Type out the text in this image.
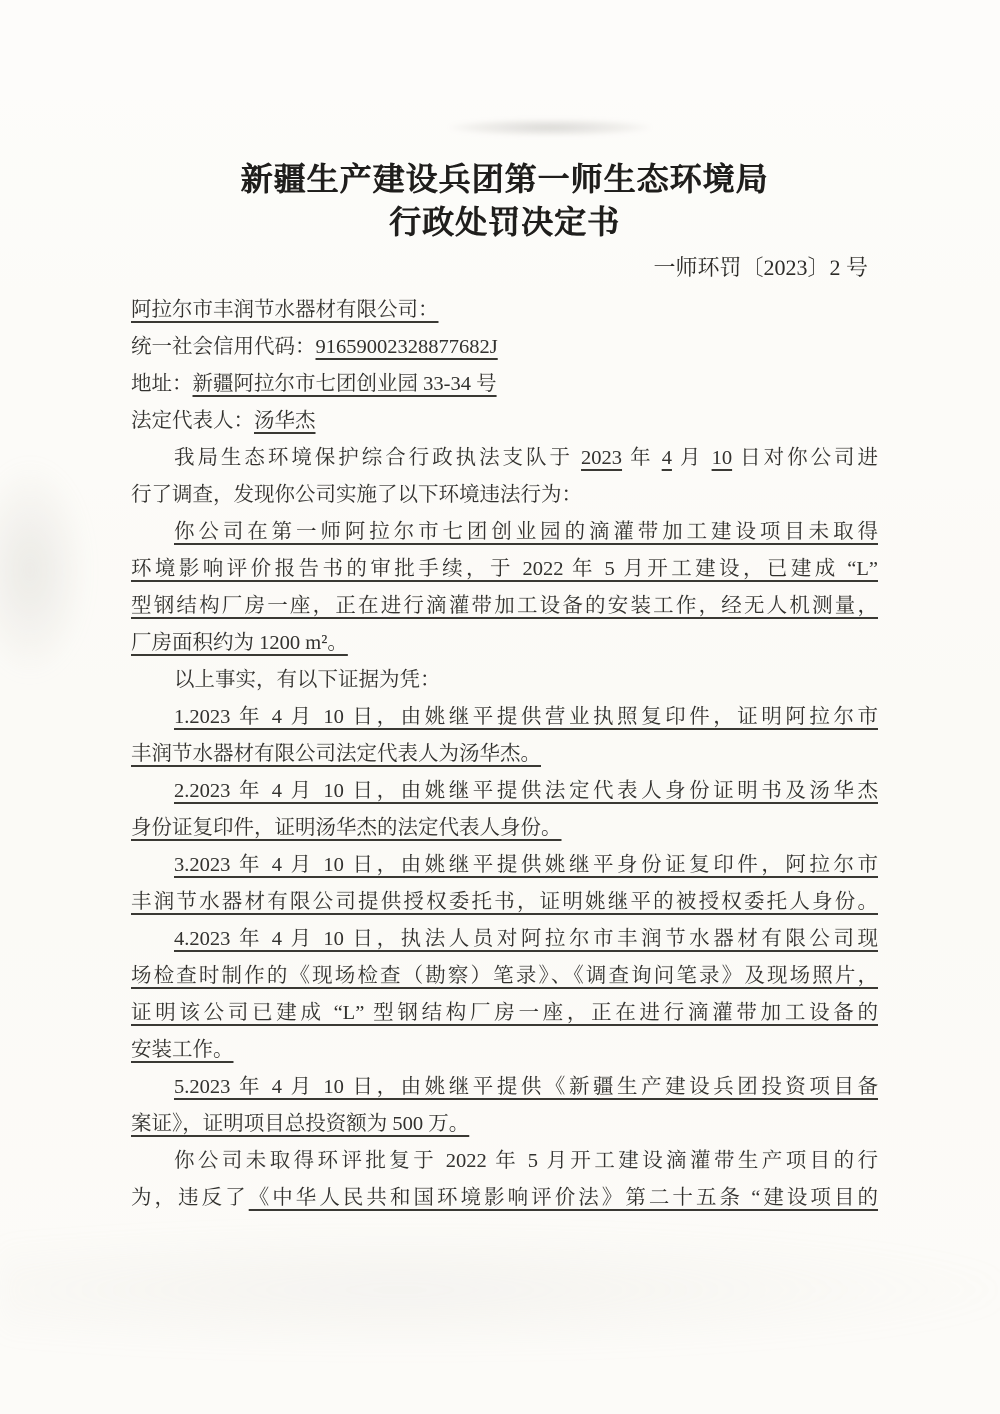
新疆生产建设兵团第一师生态环境局
行政处罚决定书
一师环罚〔2023〕2 号
阿拉尔市丰润节水器材有限公司：
统一社会信用代码：91659002328877682J
地址：新疆阿拉尔市七团创业园 33-34 号
法定代表人：汤华杰
我局生态环境保护综合行政执法支队于 2023 年 4 月 10 日对你公司进
行了调查，发现你公司实施了以下环境违法行为：
你公司在第一师阿拉尔市七团创业园的滴灌带加工建设项目未取得
环境影响评价报告书的审批手续，于 2022 年 5 月开工建设，已建成 “L”
型钢结构厂房一座，正在进行滴灌带加工设备的安装工作，经无人机测量，
厂房面积约为 1200 m²。
以上事实，有以下证据为凭：
1.2023 年 4 月 10 日，由姚继平提供营业执照复印件，证明阿拉尔市
丰润节水器材有限公司法定代表人为汤华杰。
2.2023 年 4 月 10 日，由姚继平提供法定代表人身份证明书及汤华杰
身份证复印件，证明汤华杰的法定代表人身份。
3.2023 年 4 月 10 日，由姚继平提供姚继平身份证复印件，阿拉尔市
丰润节水器材有限公司提供授权委托书，证明姚继平的被授权委托人身份。
4.2023 年 4 月 10 日，执法人员对阿拉尔市丰润节水器材有限公司现
场检查时制作的《现场检查（勘察）笔录》、《调查询问笔录》及现场照片，
证明该公司已建成 “L” 型钢结构厂房一座，正在进行滴灌带加工设备的
安装工作。
5.2023 年 4 月 10 日，由姚继平提供《新疆生产建设兵团投资项目备
案证》，证明项目总投资额为 500 万。
你公司未取得环评批复于 2022 年 5 月开工建设滴灌带生产项目的行
为，违反了《中华人民共和国环境影响评价法》第二十五条 “建设项目的
